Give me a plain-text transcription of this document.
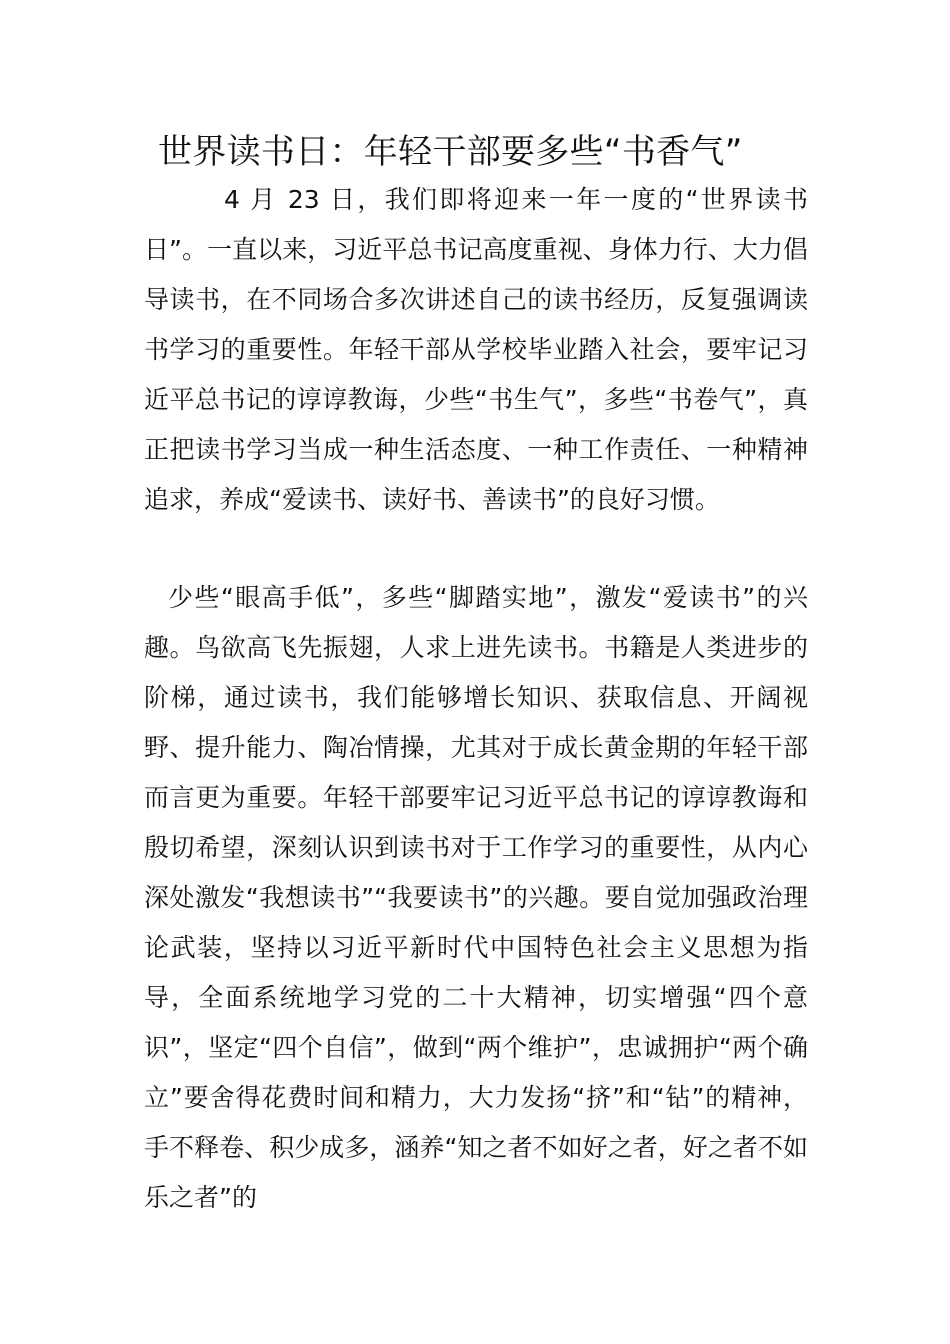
世界读书日：年轻干部要多些“书香气”

4 月 23 日，我们即将迎来一年一度的“世界读书日”。一直以来，习近平总书记高度重视、身体力行、大力倡导读书，在不同场合多次讲述自己的读书经历，反复强调读书学习的重要性。年轻干部从学校毕业踏入社会，要牢记习近平总书记的谆谆教诲，少些“书生气”，多些“书卷气”，真正把读书学习当成一种生活态度、一种工作责任、一种精神追求，养成“爱读书、读好书、善读书”的良好习惯。

少些“眼高手低”，多些“脚踏实地”，激发“爱读书”的兴趣。鸟欲高飞先振翅，人求上进先读书。书籍是人类进步的阶梯，通过读书，我们能够增长知识、获取信息、开阔视野、提升能力、陶冶情操，尤其对于成长黄金期的年轻干部而言更为重要。年轻干部要牢记习近平总书记的谆谆教诲和殷切希望，深刻认识到读书对于工作学习的重要性，从内心深处激发“我想读书”“我要读书”的兴趣。要自觉加强政治理论武装，坚持以习近平新时代中国特色社会主义思想为指导，全面系统地学习党的二十大精神，切实增强“四个意识”，坚定“四个自信”，做到“两个维护”，忠诚拥护“两个确立”要舍得花费时间和精力，大力发扬“挤”和“钻”的精神，手不释卷、积少成多，涵养“知之者不如好之者，好之者不如乐之者”的
